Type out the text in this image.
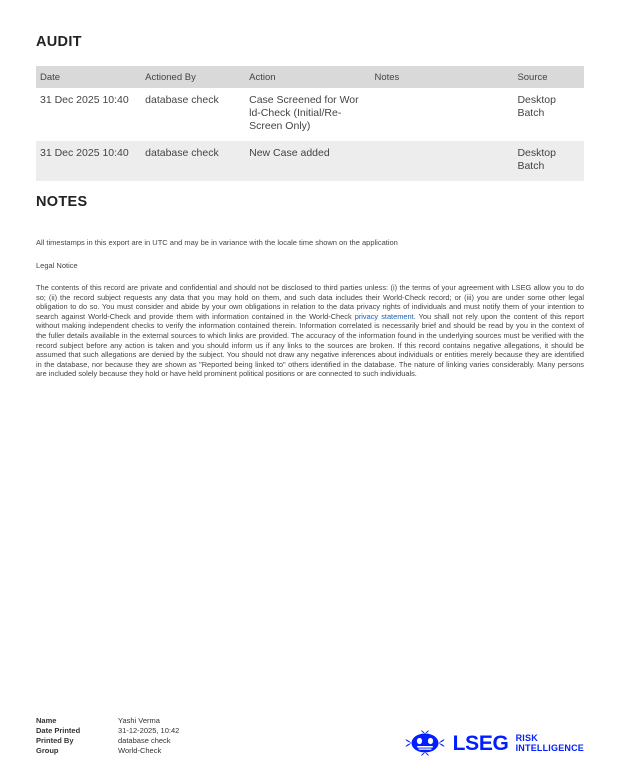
AUDIT
Date	Actioned By	Action	Notes	Source
31 Dec 2025 10:40	database check	Case Screened for Wor ld-Check (Initial/Re-Screen Only)		Desktop Batch
31 Dec 2025 10:40	database check	New Case added		Desktop Batch
NOTES
All timestamps in this export are in UTC and may be in variance with the locale time shown on the application
Legal Notice
The contents of this record are private and confidential and should not be disclosed to third parties unless: (i) the terms of your agreement with LSEG allow you to do so; (ii) the record subject requests any data that you may hold on them, and such data includes their World-Check record; or (iii) you are under some other legal obligation to do so. You must consider and abide by your own obligations in relation to the data privacy rights of individuals and must notify them of your intention to search against World-Check and provide them with information contained in the World-Check privacy statement. You shall not rely upon the content of this report without making independent checks to verify the information contained therein. Information correlated is necessarily brief and should be read by you in the context of the fuller details available in the external sources to which links are provided. The accuracy of the information found in the underlying sources must be verified with the record subject before any action is taken and you should inform us if any links to the sources are broken. If this record contains negative allegations, it should be assumed that such allegations are denied by the subject. You should not draw any negative inferences about individuals or entities merely because they are identified in the database, nor because they are shown as "Reported being linked to" others identified in the database. The nature of linking varies considerably. Many persons are included solely because they hold or have held prominent political positions or are connected to such individuals.
Name	Yashi Verma
Date Printed	31-12-2025, 10:42
Printed By	database check
Group	World-Check	LSEG RISK
INTELLIGENCE
